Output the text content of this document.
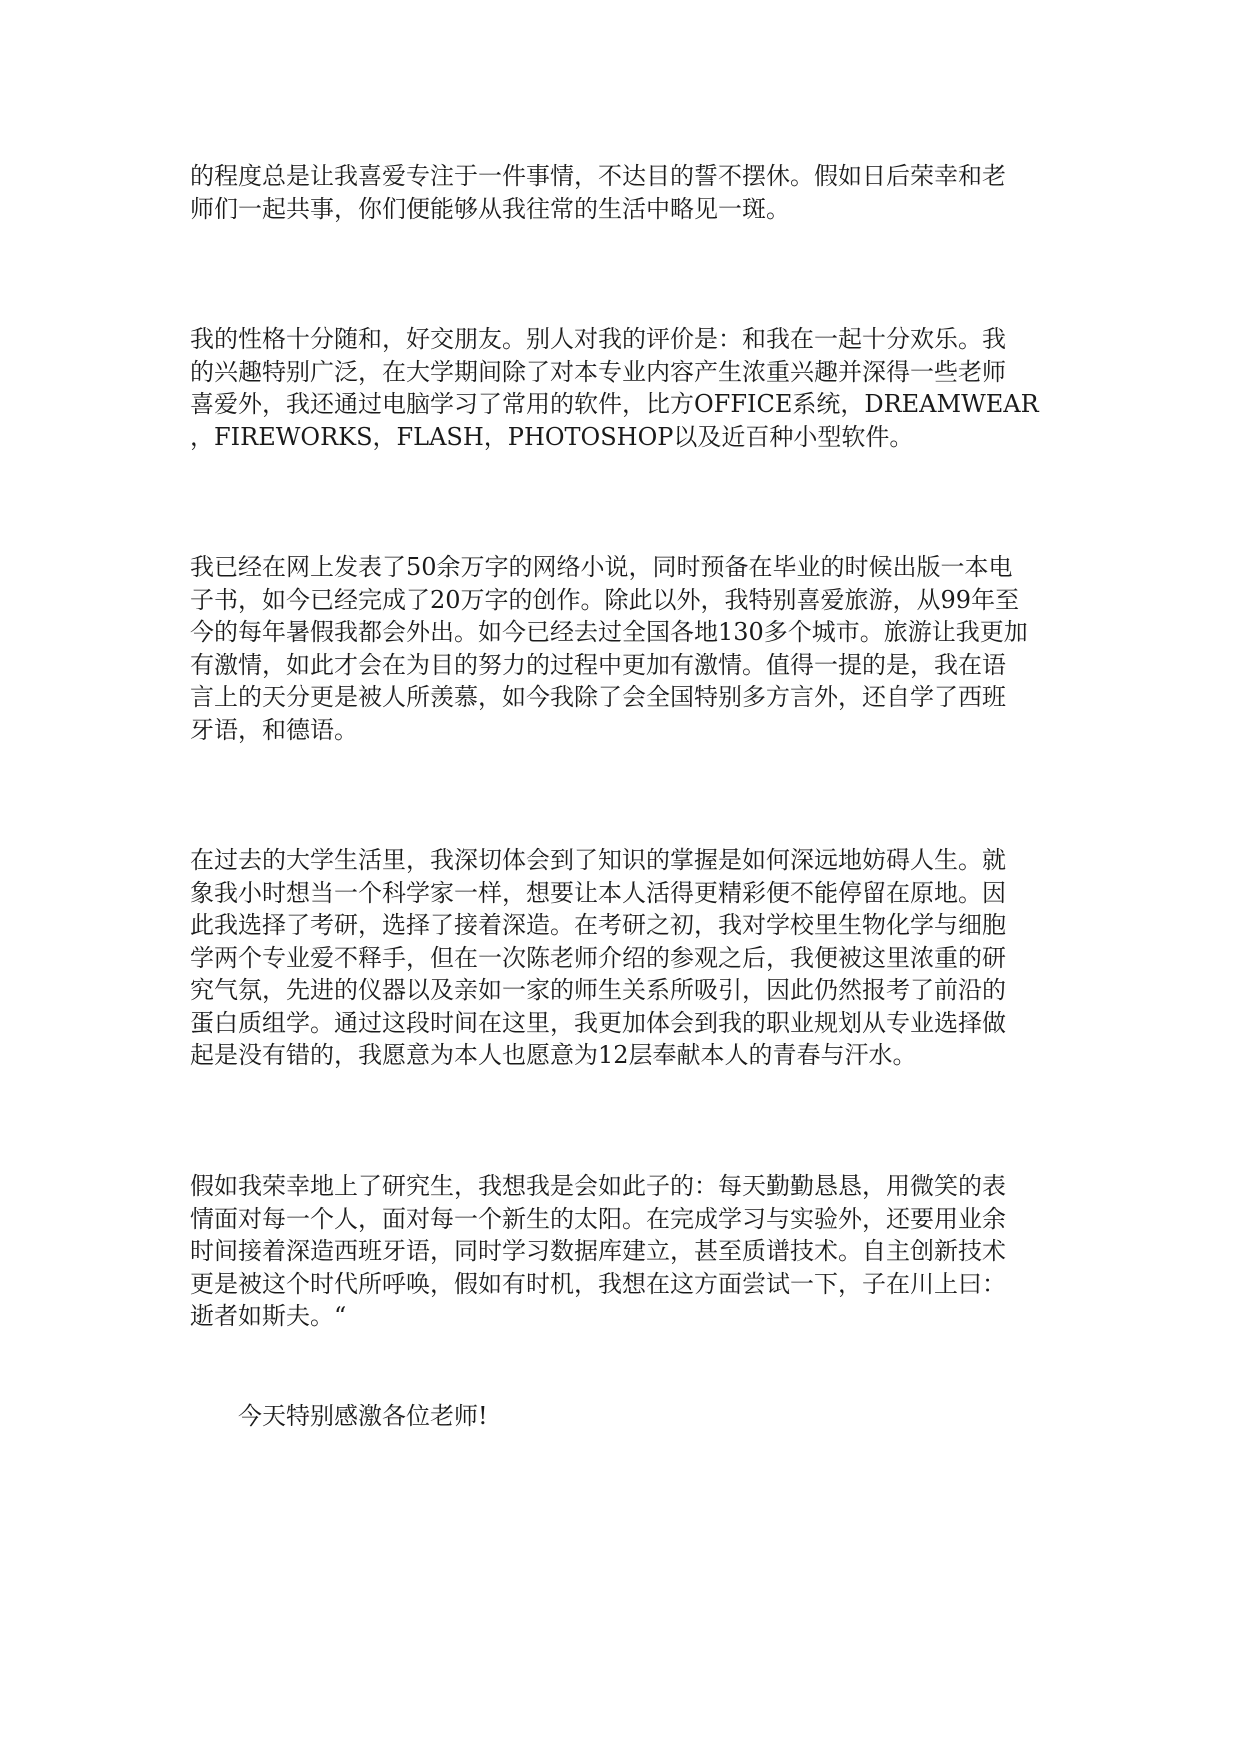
的程度总是让我喜爱专注于一件事情，不达目的誓不摆休。假如日后荣幸和老
师们一起共事，你们便能够从我往常的生活中略见一斑。

我的性格十分随和，好交朋友。别人对我的评价是：和我在一起十分欢乐。我
的兴趣特别广泛，在大学期间除了对本专业内容产生浓重兴趣并深得一些老师
喜爱外，我还通过电脑学习了常用的软件，比方OFFICE系统，DREAMWEAR
，FIREWORKS，FLASH，PHOTOSHOP以及近百种小型软件。

我已经在网上发表了50余万字的网络小说，同时预备在毕业的时候出版一本电
子书，如今已经完成了20万字的创作。除此以外，我特别喜爱旅游，从99年至
今的每年暑假我都会外出。如今已经去过全国各地130多个城市。旅游让我更加
有激情，如此才会在为目的努力的过程中更加有激情。值得一提的是，我在语
言上的天分更是被人所羡慕，如今我除了会全国特别多方言外，还自学了西班
牙语，和德语。

在过去的大学生活里，我深切体会到了知识的掌握是如何深远地妨碍人生。就
象我小时想当一个科学家一样，想要让本人活得更精彩便不能停留在原地。因
此我选择了考研，选择了接着深造。在考研之初，我对学校里生物化学与细胞
学两个专业爱不释手，但在一次陈老师介绍的参观之后，我便被这里浓重的研
究气氛，先进的仪器以及亲如一家的师生关系所吸引，因此仍然报考了前沿的
蛋白质组学。通过这段时间在这里，我更加体会到我的职业规划从专业选择做
起是没有错的，我愿意为本人也愿意为12层奉献本人的青春与汗水。

假如我荣幸地上了研究生，我想我是会如此子的：每天勤勤恳恳，用微笑的表
情面对每一个人，面对每一个新生的太阳。在完成学习与实验外，还要用业余
时间接着深造西班牙语，同时学习数据库建立，甚至质谱技术。自主创新技术
更是被这个时代所呼唤，假如有时机，我想在这方面尝试一下，子在川上曰：
逝者如斯夫。“

今天特别感激各位老师!
